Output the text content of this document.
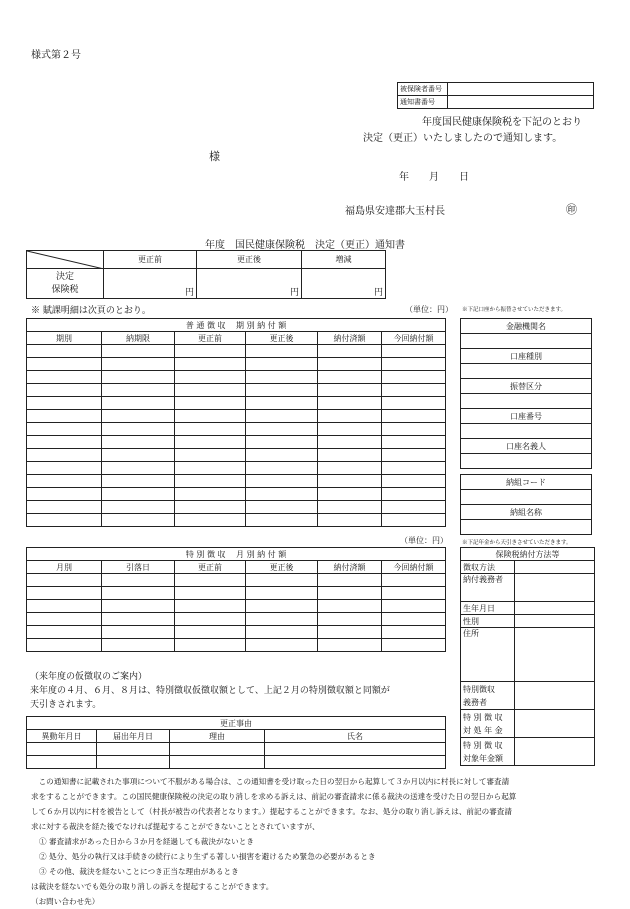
様式第２号
被保険者番号	
通知書番号	
年度国民健康保険税を下記のとおり
決定（更正）いたしましたので通知します。
様
年　　月　　日
福島県安達郡大玉村長	㊞
年度　国民健康保険税　決定（更正）通知書
	更正前	更正後	増減

決定
保険税	円	円	円
※ 賦課明細は次頁のとおり。	（単位：円） ※下記口座から振替させていただきます。
普 通 徴 収　 期 別 納 付 額					
期別	納期限	更正前	更正後	納付済額	今回納付額

金融機関名

口座種別

振替区分

口座番号

口座名義人

納組コード

納組名称

（単位：円）	※下記年金から天引きさせていただきます。
特 別 徴 収　 月 別 納 付 額					
月別	引落日	更正前	更正後	納付済額	今回納付額

保険税納付方法等	
徴収方法	
納付義務者	
生年月日	
性別	
住所	

特別徴収
義務者	

特 別 徴 収
対 処 年 金	

特 別 徴 収
対象年金額	

（来年度の仮徴収のご案内）
来年度の４月、６月、８月は、特別徴収仮徴収額として、上記２月の特別徴収額と同額が
天引きされます。
更正事由			
異動年月日	届出年月日	理由	氏名

　この通知書に記載された事項について不服がある場合は、この通知書を受け取った日の翌日から起算して３か月以内に村長に対して審査請
求をすることができます。この国民健康保険税の決定の取り消しを求める訴えは、前記の審査請求に係る裁決の送達を受けた日の翌日から起算
して６か月以内に村を被告として（村長が被告の代表者となります。）提起することができます。なお、処分の取り消し訴えは、前記の審査請
求に対する裁決を経た後でなければ提起することができないこととされていますが、
① 審査請求があった日から３か月を経過しても裁決がないとき
② 処分、処分の執行又は手続きの続行により生ずる著しい損害を避けるため緊急の必要があるとき
③ その他、裁決を経ないことにつき正当な理由があるとき
は裁決を経ないでも処分の取り消しの訴えを提起することができます。
（お問い合わせ先）
